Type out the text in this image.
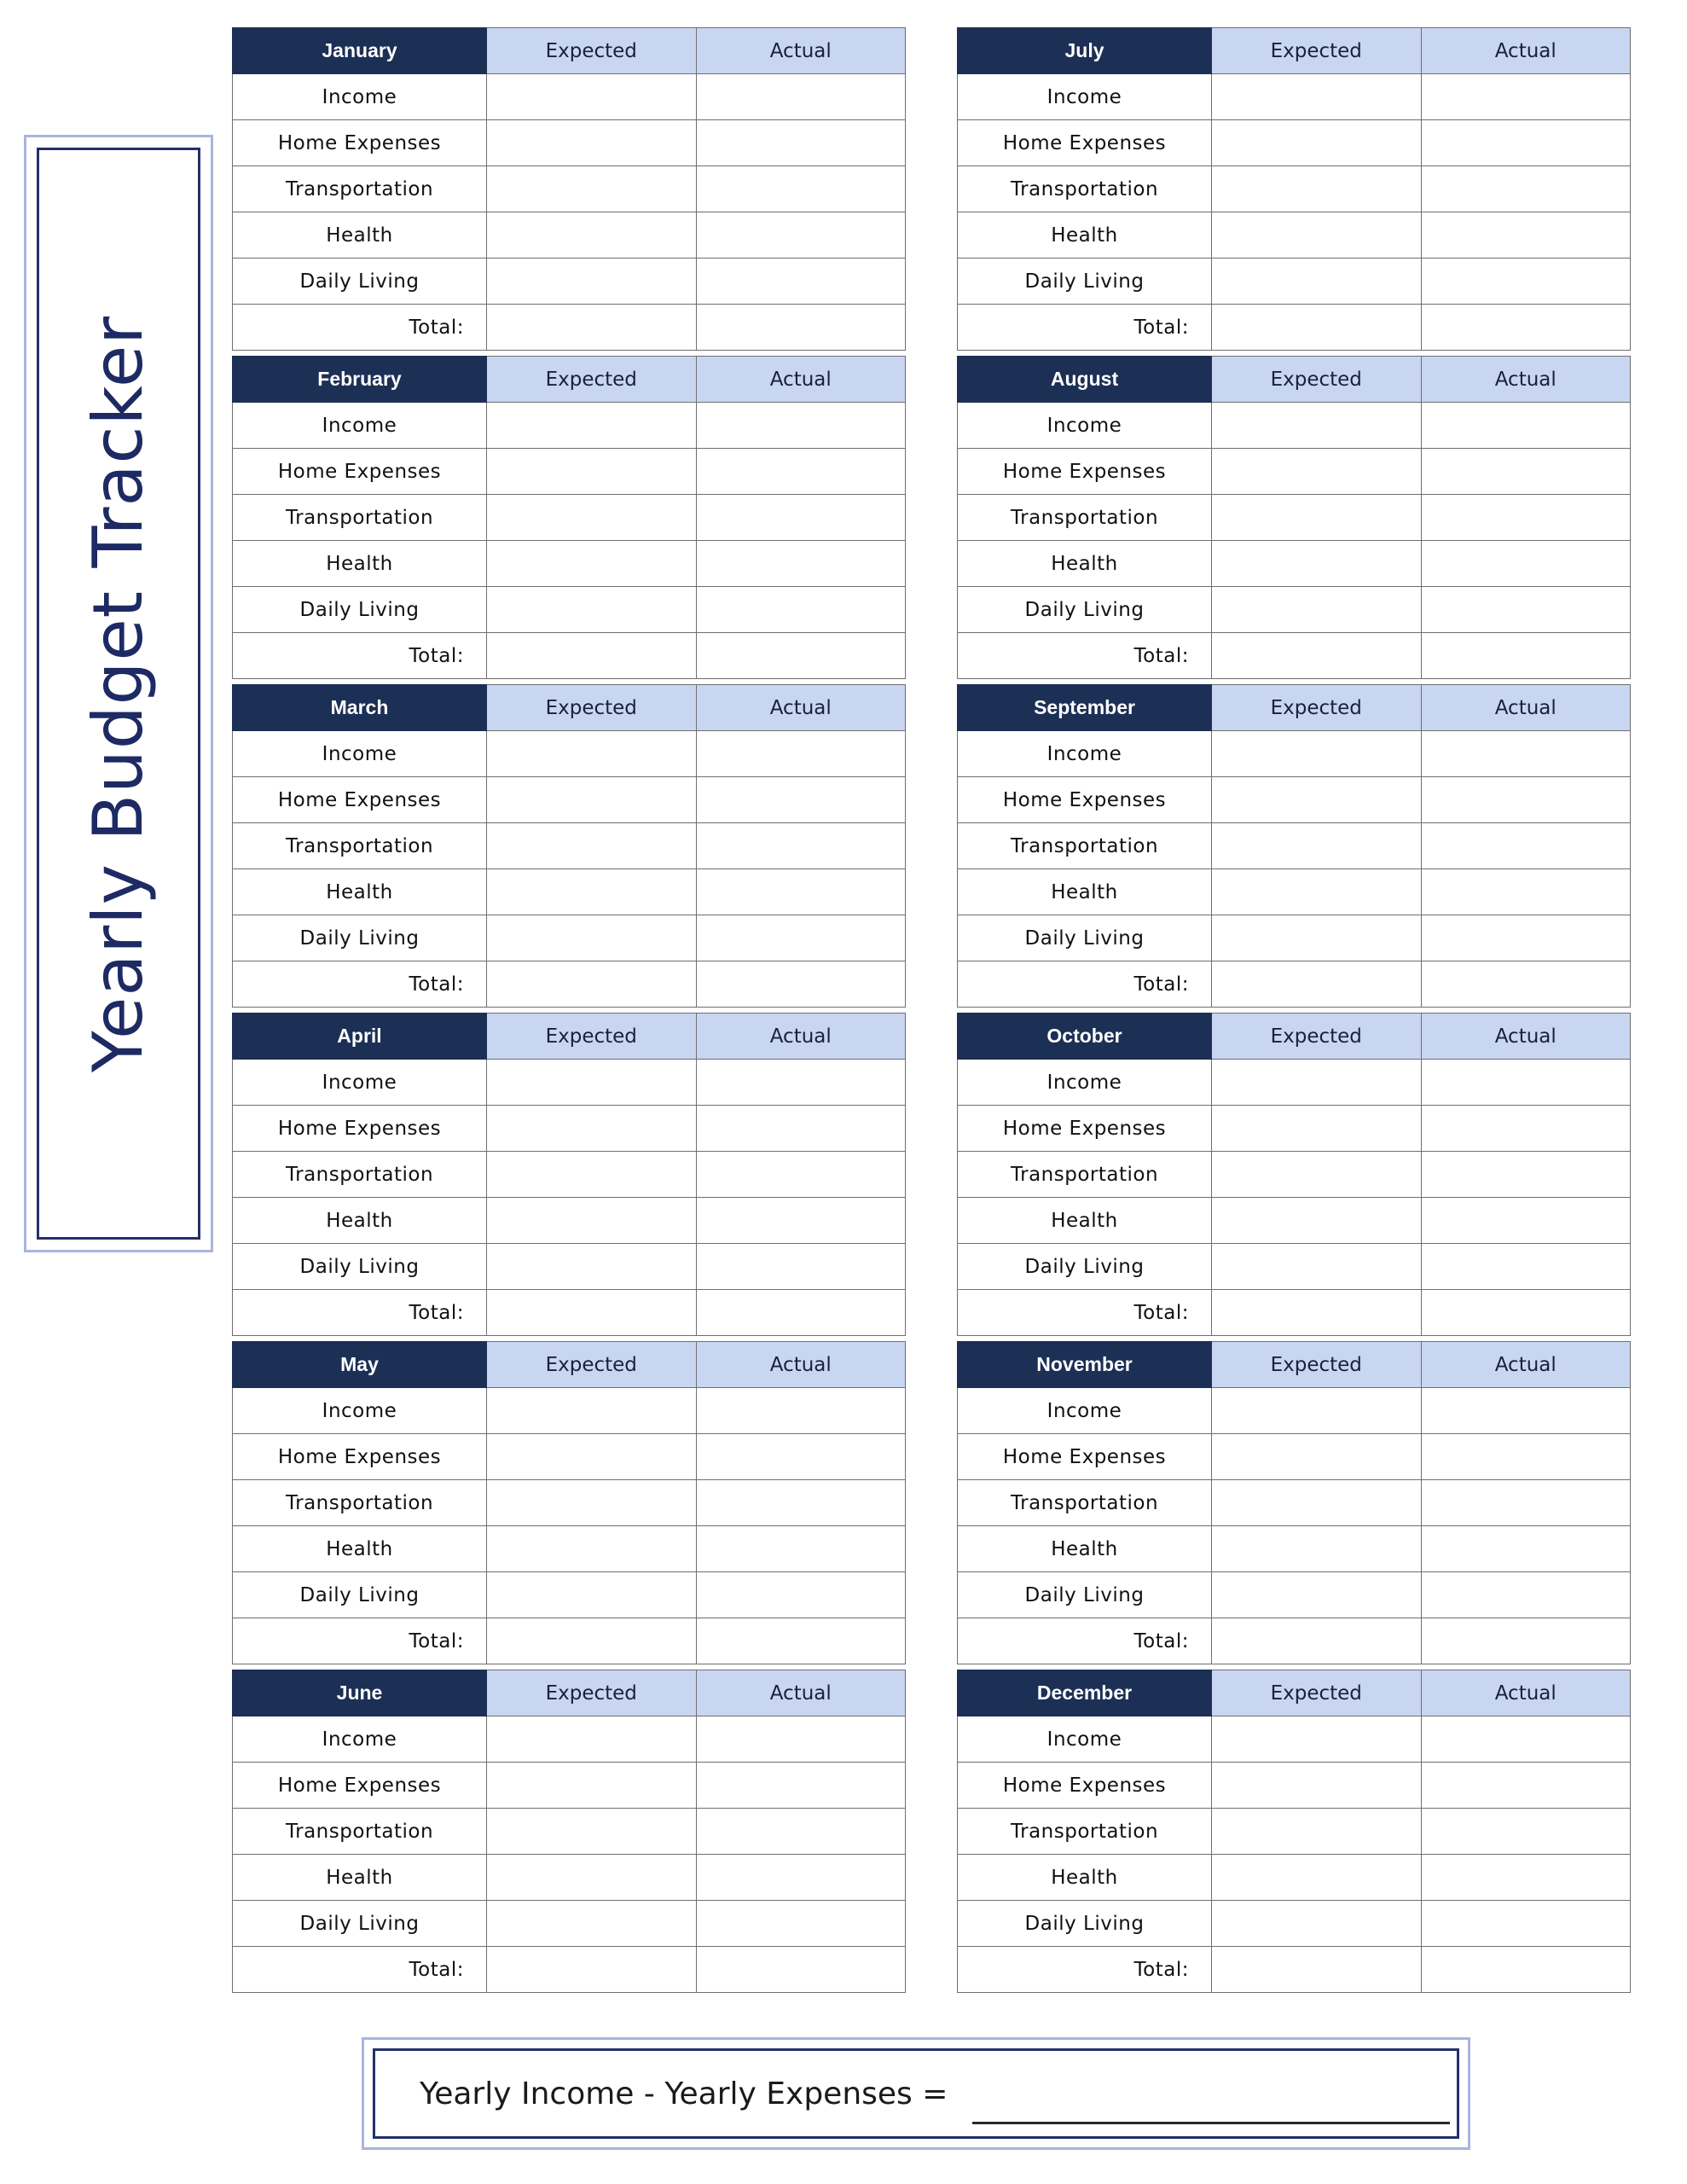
Yearly Budget Tracker
January	Expected	Actual
Income		
Home Expenses		
Transportation		
Health		
Daily Living		
Total:		
February	Expected	Actual
Income		
Home Expenses		
Transportation		
Health		
Daily Living		
Total:		
March	Expected	Actual
Income		
Home Expenses		
Transportation		
Health		
Daily Living		
Total:		
April	Expected	Actual
Income		
Home Expenses		
Transportation		
Health		
Daily Living		
Total:		
May	Expected	Actual
Income		
Home Expenses		
Transportation		
Health		
Daily Living		
Total:		
June	Expected	Actual
Income		
Home Expenses		
Transportation		
Health		
Daily Living		
Total:		
July	Expected	Actual
Income		
Home Expenses		
Transportation		
Health		
Daily Living		
Total:		
August	Expected	Actual
Income		
Home Expenses		
Transportation		
Health		
Daily Living		
Total:		
September	Expected	Actual
Income		
Home Expenses		
Transportation		
Health		
Daily Living		
Total:		
October	Expected	Actual
Income		
Home Expenses		
Transportation		
Health		
Daily Living		
Total:		
November	Expected	Actual
Income		
Home Expenses		
Transportation		
Health		
Daily Living		
Total:		
December	Expected	Actual
Income		
Home Expenses		
Transportation		
Health		
Daily Living		
Total:		
Yearly Income - Yearly Expenses =
